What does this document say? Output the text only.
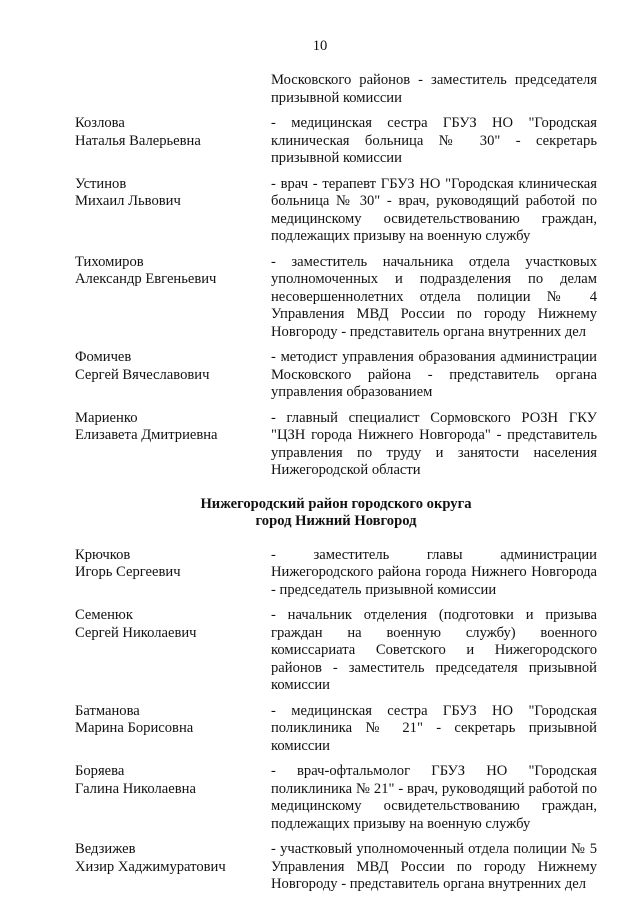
10
Московского районов - заместитель председателя призывной комиссии
Козлова
Наталья Валерьевна
- медицинская сестра ГБУЗ НО "Городская клиническая больница № 30" - секретарь призывной комиссии
Устинов
Михаил Львович
- врач - терапевт ГБУЗ НО "Городская клиническая больница № 30" - врач, руководящий работой по медицинскому освидетельствованию граждан, подлежащих призыву на военную службу
Тихомиров
Александр Евгеньевич
- заместитель начальника отдела участковых уполномоченных и подразделения по делам несовершеннолетних отдела полиции № 4 Управления МВД России по городу Нижнему Новгороду - представитель органа внутренних дел
Фомичев
Сергей Вячеславович
- методист управления образования администрации Московского района - представитель органа управления образованием
Мариенко
Елизавета Дмитриевна
- главный специалист Сормовского РОЗН ГКУ "ЦЗН города Нижнего Новгорода" - представитель управления по труду и занятости населения Нижегородской области
Нижегородский район городского округа
город Нижний Новгород
Крючков
Игорь Сергеевич
- заместитель главы администрации Нижегородского района города Нижнего Новгорода - председатель призывной комиссии
Семенюк
Сергей Николаевич
- начальник отделения (подготовки и призыва граждан на военную службу) военного комиссариата Советского и Нижегородского районов - заместитель председателя призывной комиссии
Батманова
Марина Борисовна
- медицинская сестра ГБУЗ НО "Городская поликлиника № 21" - секретарь призывной комиссии
Боряева
Галина Николаевна
- врач-офтальмолог ГБУЗ НО "Городская поликлиника № 21" - врач, руководящий работой по медицинскому освидетельствованию граждан, подлежащих призыву на военную службу
Ведзижев
Хизир Хаджимуратович
- участковый уполномоченный отдела полиции № 5 Управления МВД России по городу Нижнему Новгороду - представитель органа внутренних дел
